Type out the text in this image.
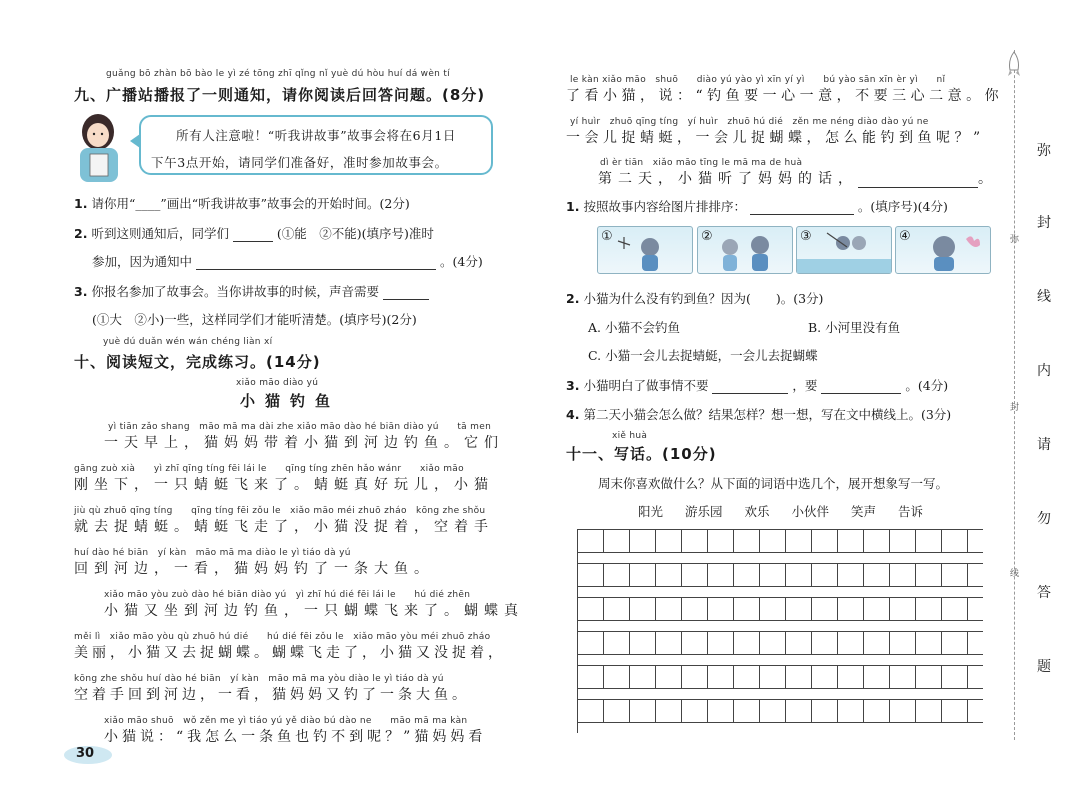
guǎng bō zhàn bō bào le yì zé tōng zhī qǐng nǐ yuè dú hòu huí dá wèn tí
九、广播站播报了一则通知，请你阅读后回答问题。(8分)
所有人注意啦！“听我讲故事”故事会将在6月1日
下午3点开始，请同学们准备好，准时参加故事会。
1. 请你用“____”画出“听我讲故事”故事会的开始时间。(2分)
2. 听到这则通知后，同学们	(①能　②不能)(填序号)准时
参加，因为通知中	。(4分)
3. 你报名参加了故事会。当你讲故事的时候，声音需要
(①大　②小)一些，这样同学们才能听清楚。(填序号)(2分)
yuè dú duǎn wén wán chéng liàn xí
十、阅读短文，完成练习。(14分)
xiǎo māo diào yú
小猫钓鱼
yì tiān zǎo shang　māo mā ma dài zhe xiǎo māo dào hé biān diào yú　　tā men
一天早上，猫妈妈带着小猫到河边钓鱼。它们
gāng zuò xià　　yì zhī qīng tíng fēi lái le　　qīng tíng zhēn hǎo wánr　　xiǎo māo
刚坐下，一只蜻蜓飞来了。蜻蜓真好玩儿，小猫
jiù qù zhuō qīng tíng　　qīng tíng fēi zǒu le　xiǎo māo méi zhuō zháo　kōng zhe shǒu
就去捉蜻蜓。蜻蜓飞走了，小猫没捉着，空着手
huí dào hé biān　yí kàn　māo mā ma diào le yì tiáo dà yú
回到河边，一看，猫妈妈钓了一条大鱼。
xiǎo māo yòu zuò dào hé biān diào yú　yì zhī hú dié fēi lái le　　hú dié zhēn
小猫又坐到河边钓鱼，一只蝴蝶飞来了。蝴蝶真
měi lì　xiǎo māo yòu qù zhuō hú dié　　hú dié fēi zǒu le　xiǎo māo yòu méi zhuō zháo
美丽，小猫又去捉蝴蝶。蝴蝶飞走了，小猫又没捉着，
kōng zhe shǒu huí dào hé biān　yí kàn　māo mā ma yòu diào le yì tiáo dà yú
空着手回到河边，一看，猫妈妈又钓了一条大鱼。
xiǎo māo shuō　wǒ zěn me yì tiáo yú yě diào bú dào ne　　māo mā ma kàn
小猫说：“我怎么一条鱼也钓不到呢？”猫妈妈看
30
le kàn xiǎo māo　shuō　　diào yú yào yì xīn yí yì　　bú yào sān xīn èr yì　　nǐ
了看小猫，说：“钓鱼要一心一意，不要三心二意。你
yí huìr　zhuō qīng tíng　yí huìr　zhuō hú dié　zěn me néng diào dào yú ne
一会儿捉蜻蜓，一会儿捉蝴蝶，怎么能钓到鱼呢？”
dì èr tiān　xiǎo māo tīng le mā ma de huà
第二天，小猫听了妈妈的话，	。
1. 按照故事内容给图片排排序：	。(填序号)(4分)
①	②	③	④
2. 小猫为什么没有钓到鱼？因为(　　)。(3分)
A. 小猫不会钓鱼	B. 小河里没有鱼
C. 小猫一会儿去捉蜻蜓，一会儿去捉蝴蝶
3. 小猫明白了做事情不要	，要	。(4分)
4. 第二天小猫会怎么做？结果怎样？想一想，写在文中横线上。(3分)
xiě huà
十一、写话。(10分)
周末你喜欢做什么？从下面的词语中选几个，展开想象写一写。
阳光 游乐园 欢乐 小伙伴 笑声 告诉
弥
封
线
弥
封
线
内
请
勿
答
题
